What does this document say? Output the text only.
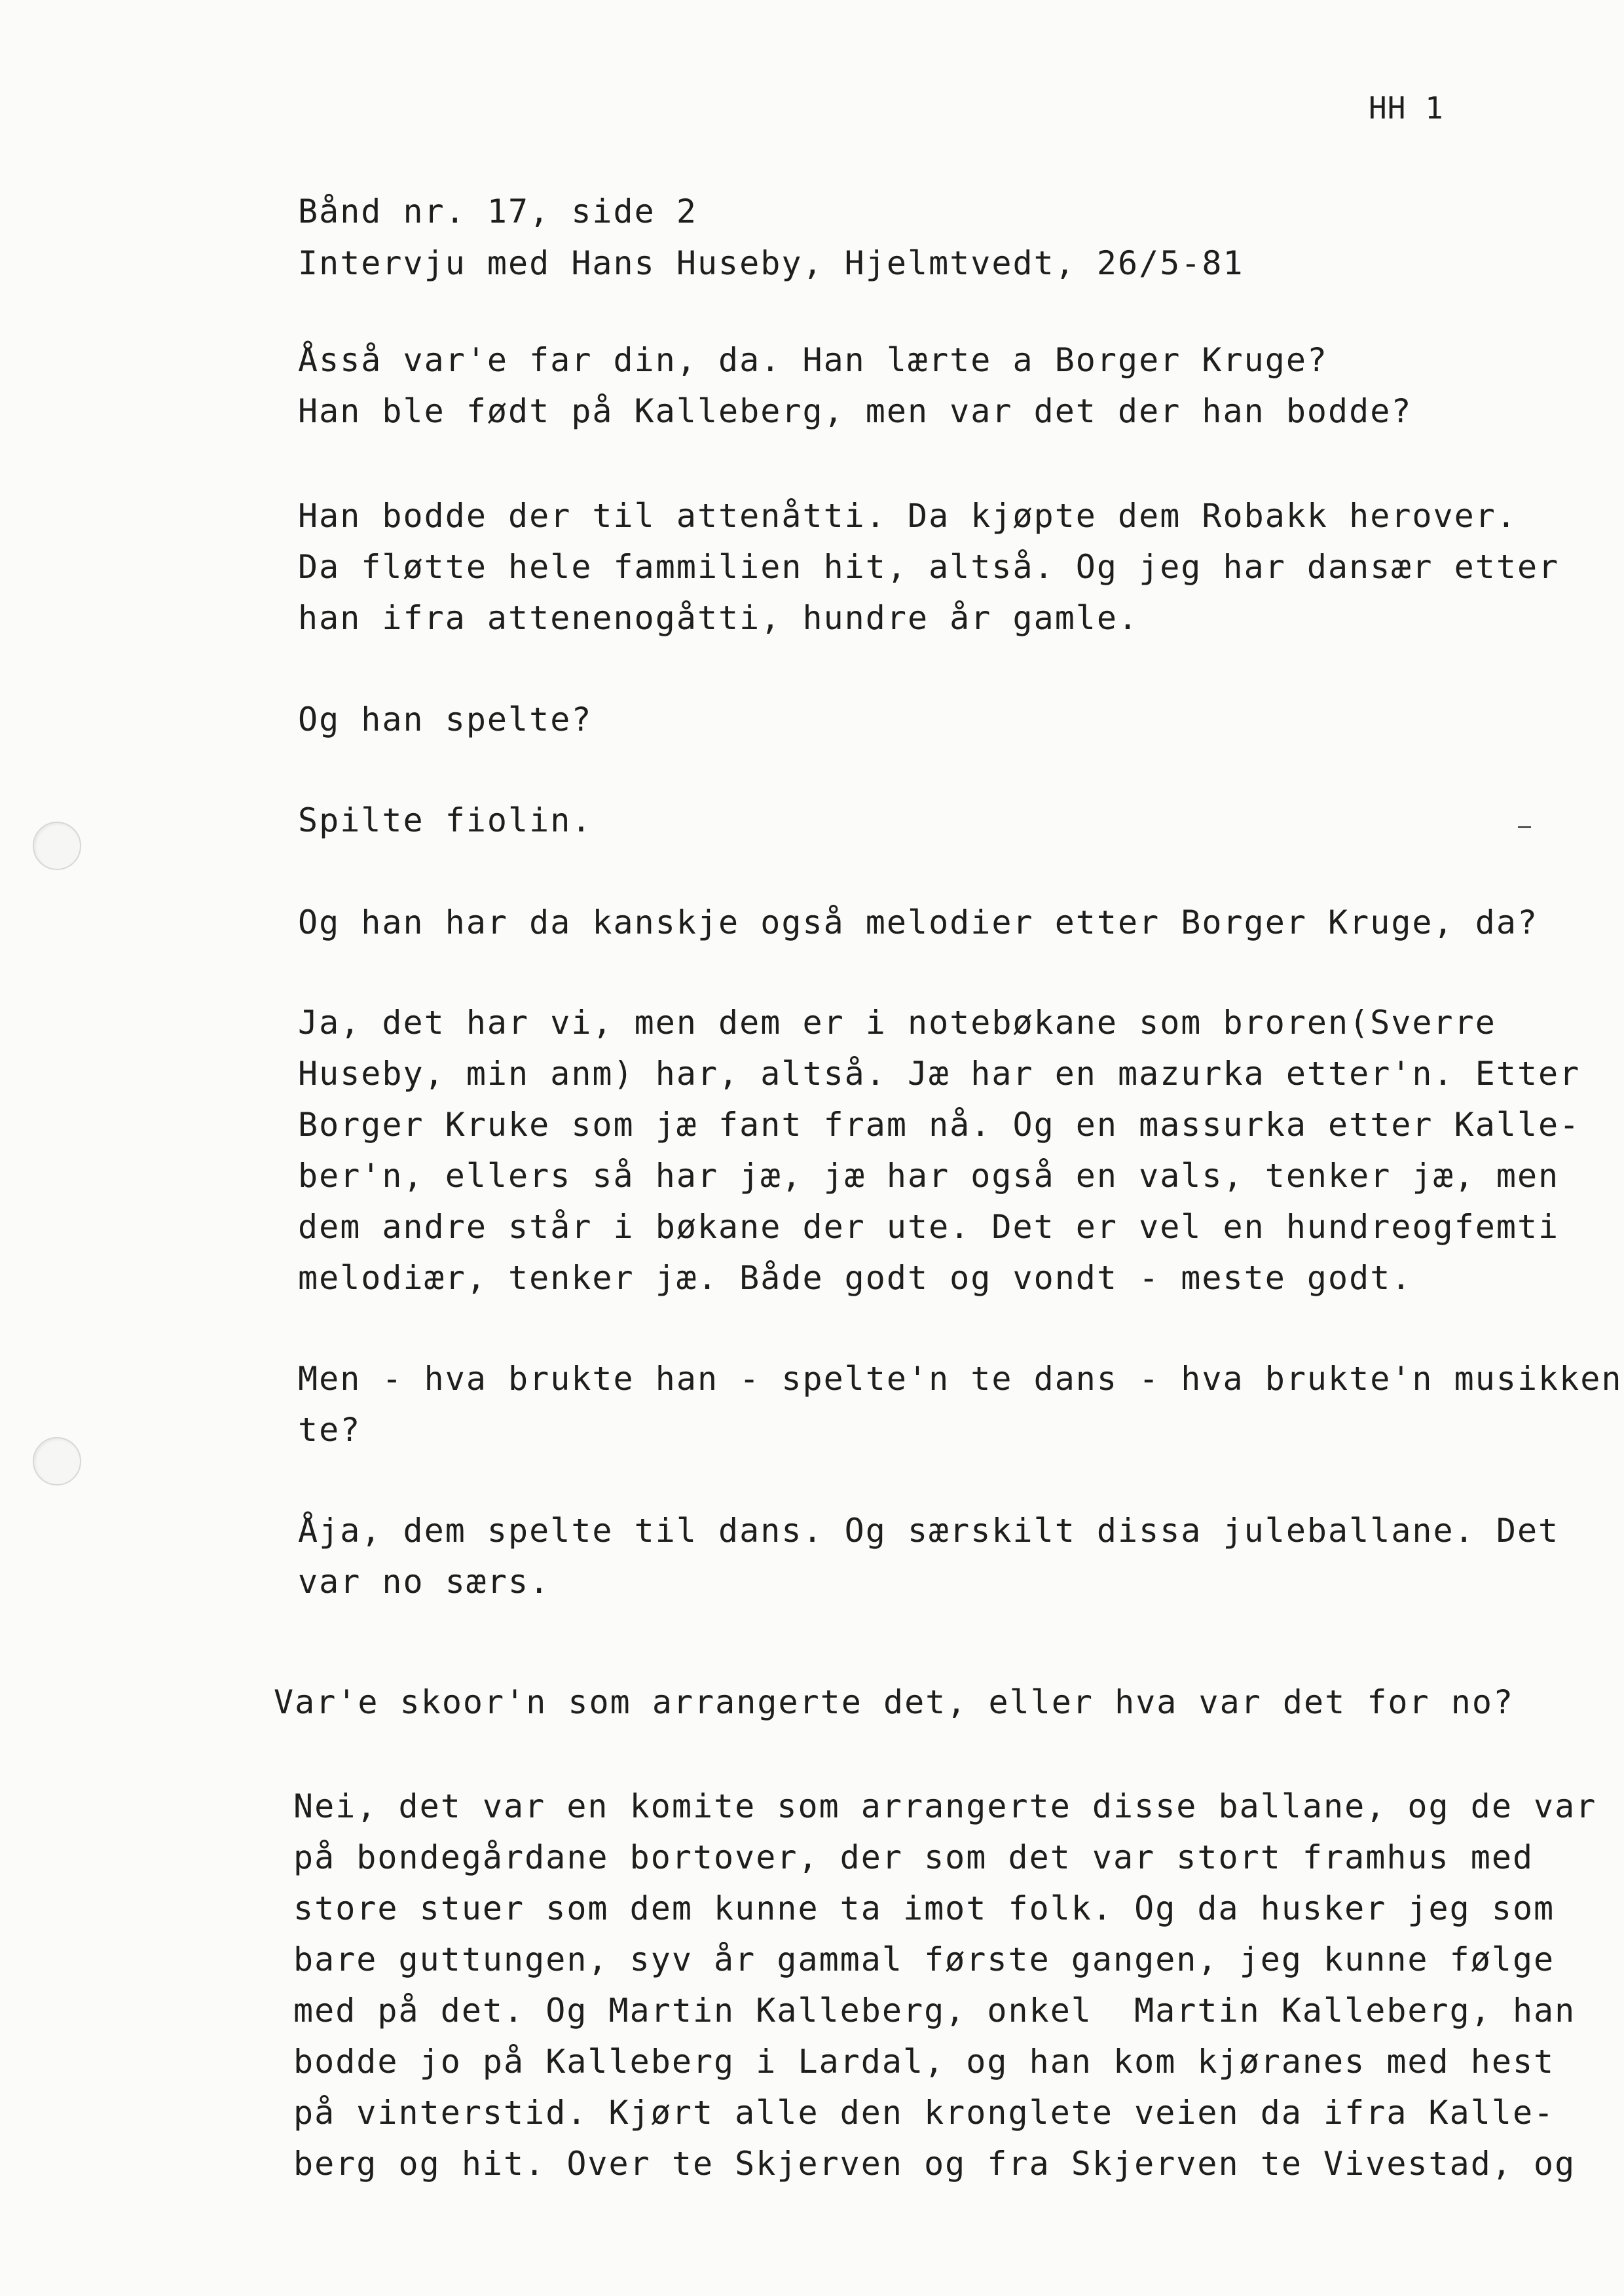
HH 1
Bånd nr. 17, side 2
Intervju med Hans Huseby, Hjelmtvedt, 26/5-81
Åsså var'e far din, da. Han lærte a Borger Kruge?
Han ble født på Kalleberg, men var det der han bodde?
Han bodde der til attenåtti. Da kjøpte dem Robakk herover.
Da fløtte hele fammilien hit, altså. Og jeg har dansær etter
han ifra attenenogåtti, hundre år gamle.
Og han spelte?
Spilte fiolin.
Og han har da kanskje også melodier etter Borger Kruge, da?
Ja, det har vi, men dem er i notebøkane som broren(Sverre
Huseby, min anm) har, altså. Jæ har en mazurka etter'n. Etter
Borger Kruke som jæ fant fram nå. Og en massurka etter Kalle-
ber'n, ellers så har jæ, jæ har også en vals, tenker jæ, men
dem andre står i bøkane der ute. Det er vel en hundreogfemti
melodiær, tenker jæ. Både godt og vondt - meste godt.
Men - hva brukte han - spelte'n te dans - hva brukte'n musikken
te?
Åja, dem spelte til dans. Og særskilt dissa juleballane. Det
var no særs.
Var'e skoor'n som arrangerte det, eller hva var det for no?
Nei, det var en komite som arrangerte disse ballane, og de var
på bondegårdane bortover, der som det var stort framhus med
store stuer som dem kunne ta imot folk. Og da husker jeg som
bare guttungen, syv år gammal første gangen, jeg kunne følge
med på det. Og Martin Kalleberg, onkel  Martin Kalleberg, han
bodde jo på Kalleberg i Lardal, og han kom kjøranes med hest
på vinterstid. Kjørt alle den kronglete veien da ifra Kalle-
berg og hit. Over te Skjerven og fra Skjerven te Vivestad, og
